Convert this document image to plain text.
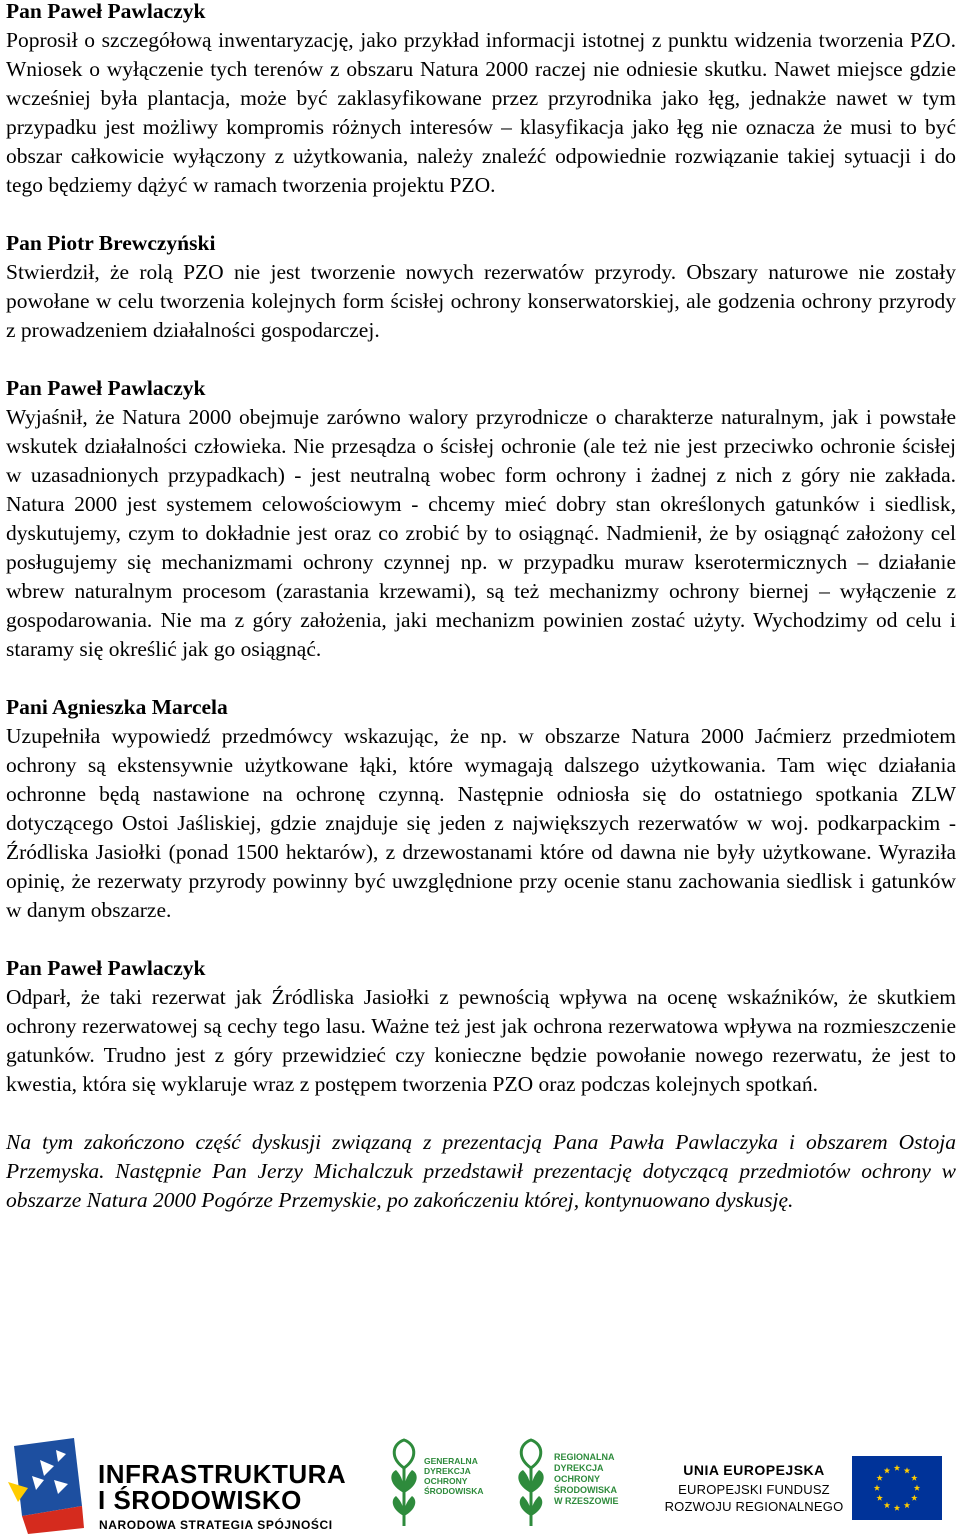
Pan Paweł Pawlaczyk

Poprosił o szczegółową inwentaryzację, jako przykład informacji istotnej z punktu widzenia tworzenia PZO. Wniosek o wyłączenie tych terenów z obszaru Natura 2000 raczej nie odniesie skutku. Nawet miejsce gdzie wcześniej była plantacja, może być zaklasyfikowane przez przyrodnika jako łęg, jednakże nawet w tym przypadku jest możliwy kompromis różnych interesów – klasyfikacja jako łęg nie oznacza że musi to być obszar całkowicie wyłączony z użytkowania, należy znaleźć odpowiednie rozwiązanie takiej sytuacji i do tego będziemy dążyć w ramach tworzenia projektu PZO.

Pan Piotr Brewczyński

Stwierdził, że rolą PZO nie jest tworzenie nowych rezerwatów przyrody. Obszary naturowe nie zostały powołane w celu tworzenia kolejnych form ścisłej ochrony konserwatorskiej, ale godzenia ochrony przyrody z prowadzeniem działalności gospodarczej.

Pan Paweł Pawlaczyk

Wyjaśnił, że Natura 2000 obejmuje zarówno walory przyrodnicze o charakterze naturalnym, jak i powstałe wskutek działalności człowieka. Nie przesądza o ścisłej ochronie (ale też nie jest przeciwko ochronie ścisłej w uzasadnionych przypadkach) - jest neutralną wobec form ochrony i żadnej z nich z góry nie zakłada. Natura 2000 jest systemem celowościowym - chcemy mieć dobry stan określonych gatunków i siedlisk, dyskutujemy, czym to dokładnie jest oraz co zrobić by to osiągnąć. Nadmienił, że by osiągnąć założony cel posługujemy się mechanizmami ochrony czynnej np. w przypadku muraw kserotermicznych – działanie wbrew naturalnym procesom (zarastania krzewami), są też mechanizmy ochrony biernej – wyłączenie z gospodarowania. Nie ma z góry założenia, jaki mechanizm powinien zostać użyty. Wychodzimy od celu i staramy się określić jak go osiągnąć.

Pani Agnieszka Marcela

Uzupełniła wypowiedź przedmówcy wskazując, że np. w obszarze Natura 2000 Jaćmierz przedmiotem ochrony są ekstensywnie użytkowane łąki, które wymagają dalszego użytkowania. Tam więc działania ochronne będą nastawione na ochronę czynną. Następnie odniosła się do ostatniego spotkania ZLW dotyczącego Ostoi Jaśliskiej, gdzie znajduje się jeden z największych rezerwatów w woj. podkarpackim - Źródliska Jasiołki (ponad 1500 hektarów), z drzewostanami które od dawna nie były użytkowane. Wyraziła opinię, że rezerwaty przyrody powinny być uwzględnione przy ocenie stanu zachowania siedlisk i gatunków w danym obszarze.

Pan Paweł Pawlaczyk

Odparł, że taki rezerwat jak Źródliska Jasiołki z pewnością wpływa na ocenę wskaźników, że skutkiem ochrony rezerwatowej są cechy tego lasu. Ważne też jest jak ochrona rezerwatowa wpływa na rozmieszczenie gatunków. Trudno jest z góry przewidzieć czy konieczne będzie powołanie nowego rezerwatu, że jest to kwestia, która się wyklaruje wraz z postępem tworzenia PZO oraz podczas kolejnych spotkań.

Na tym zakończono część dyskusji związaną z prezentacją Pana Pawła Pawlaczyka i obszarem Ostoja Przemyska. Następnie Pan Jerzy Michalczuk przedstawił prezentację dotyczącą przedmiotów ochrony w obszarze Natura 2000 Pogórze Przemyskie, po zakończeniu której, kontynuowano dyskusję.

INFRASTRUKTURA
I ŚRODOWISKO
NARODOWA STRATEGIA SPÓJNOŚCI
GENERALNA DYREKCJA OCHRONY ŚRODOWISKA
REGIONALNA DYREKCJA OCHRONY ŚRODOWISKA W RZESZOWIE
UNIA EUROPEJSKA
EUROPEJSKI FUNDUSZ
ROZWOJU REGIONALNEGO
